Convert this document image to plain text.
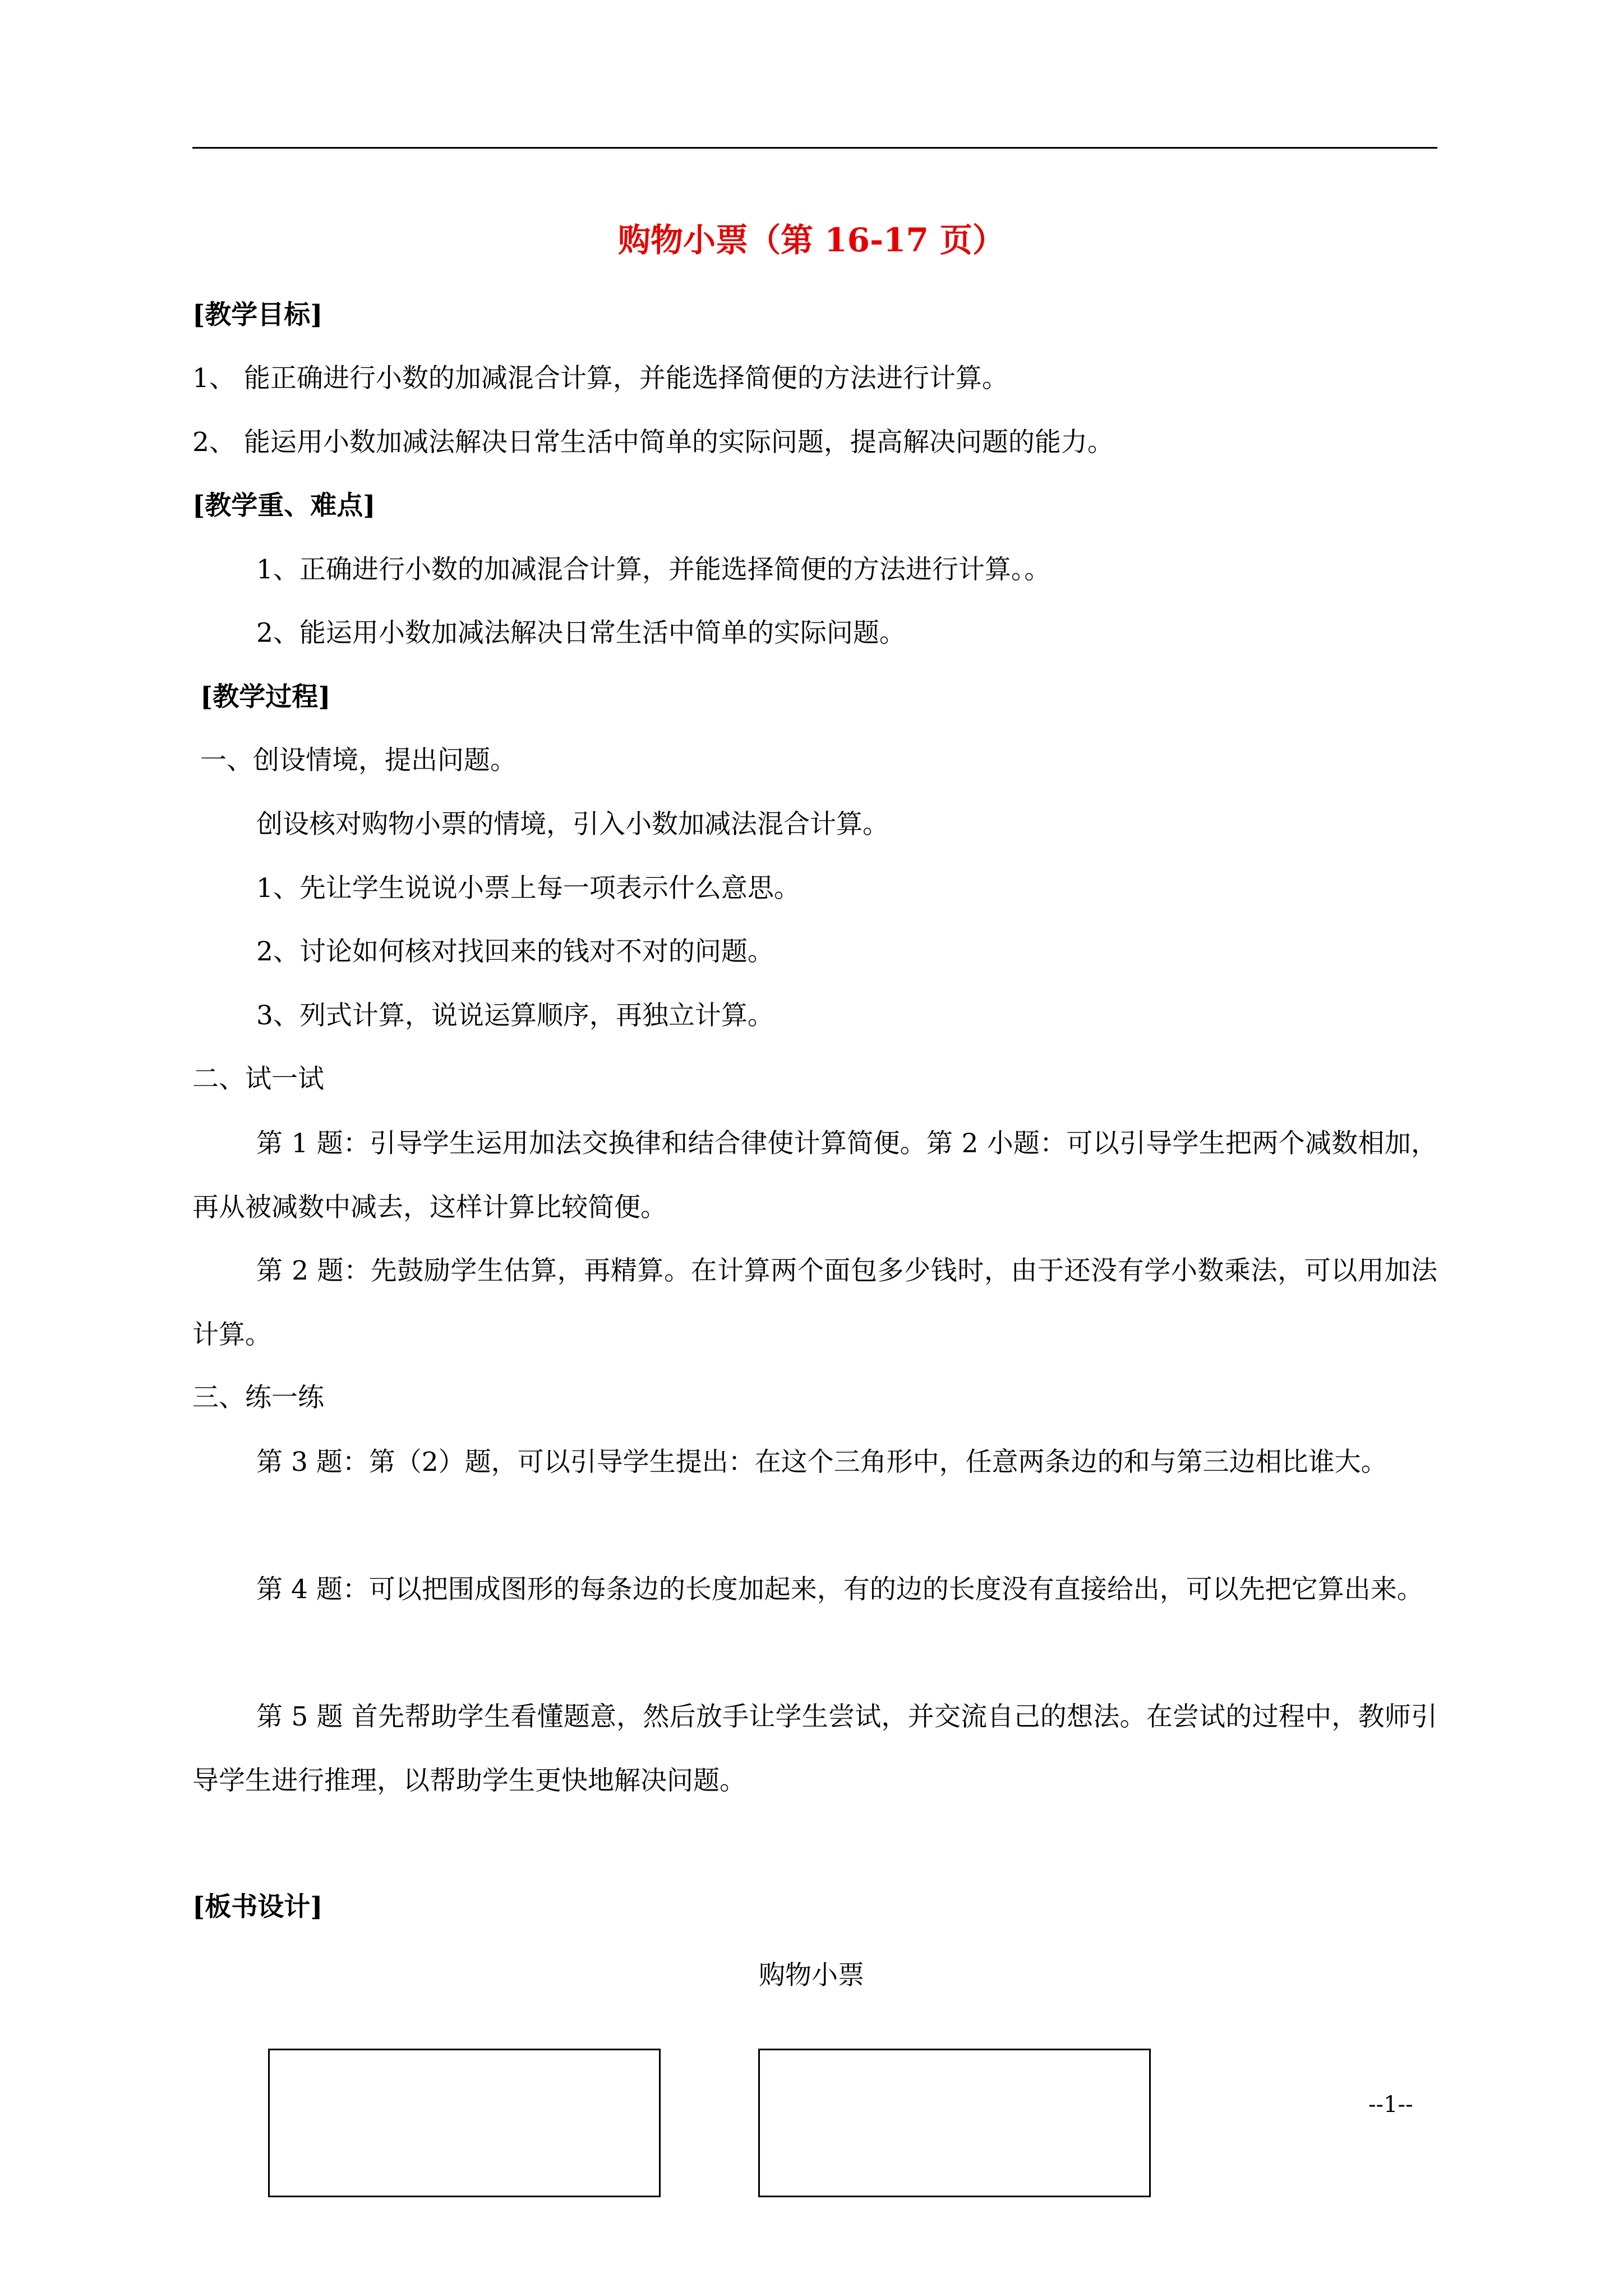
购物小票（第 16-17 页）
[教学目标]
1、 能正确进行小数的加减混合计算，并能选择简便的方法进行计算。
2、 能运用小数加减法解决日常生活中简单的实际问题，提高解决问题的能力。
[教学重、难点]
1、正确进行小数的加减混合计算，并能选择简便的方法进行计算。。
2、能运用小数加减法解决日常生活中简单的实际问题。
[教学过程]
一、创设情境，提出问题。
创设核对购物小票的情境，引入小数加减法混合计算。
1、先让学生说说小票上每一项表示什么意思。
2、讨论如何核对找回来的钱对不对的问题。
3、列式计算，说说运算顺序，再独立计算。
二、试一试
第 1 题：引导学生运用加法交换律和结合律使计算简便。第 2 小题：可以引导学生把两个减数相加，再从被减数中减去，这样计算比较简便。
第 2 题：先鼓励学生估算，再精算。在计算两个面包多少钱时，由于还没有学小数乘法，可以用加法计算。
三、练一练
第 3 题：第（2）题，可以引导学生提出：在这个三角形中，任意两条边的和与第三边相比谁大。
第 4 题：可以把围成图形的每条边的长度加起来，有的边的长度没有直接给出，可以先把它算出来。
第 5 题 首先帮助学生看懂题意，然后放手让学生尝试，并交流自己的想法。在尝试的过程中，教师引导学生进行推理，以帮助学生更快地解决问题。
[板书设计]
购物小票
--1--
